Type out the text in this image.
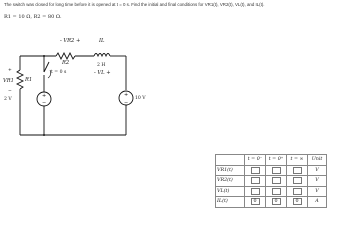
The switch was closed for long time before it is opened at t = 0 s. Find the initial and final conditions for VR1(t), VR2(t), VL(t), and IL(t).
R1 = 10 Ω, R2 = 80 Ω.
+
−
+
−
+
−
- VR2 +
R2
IL
2 H
- VL +
VR1 R1
t = 0 s
2 V	10 V
	t = 0⁻	t = 0⁺	t = ∞	Unit
VR1(t)				V
VR2(t)				V
VL(t)				V
IL(t)	0	0	0	A
